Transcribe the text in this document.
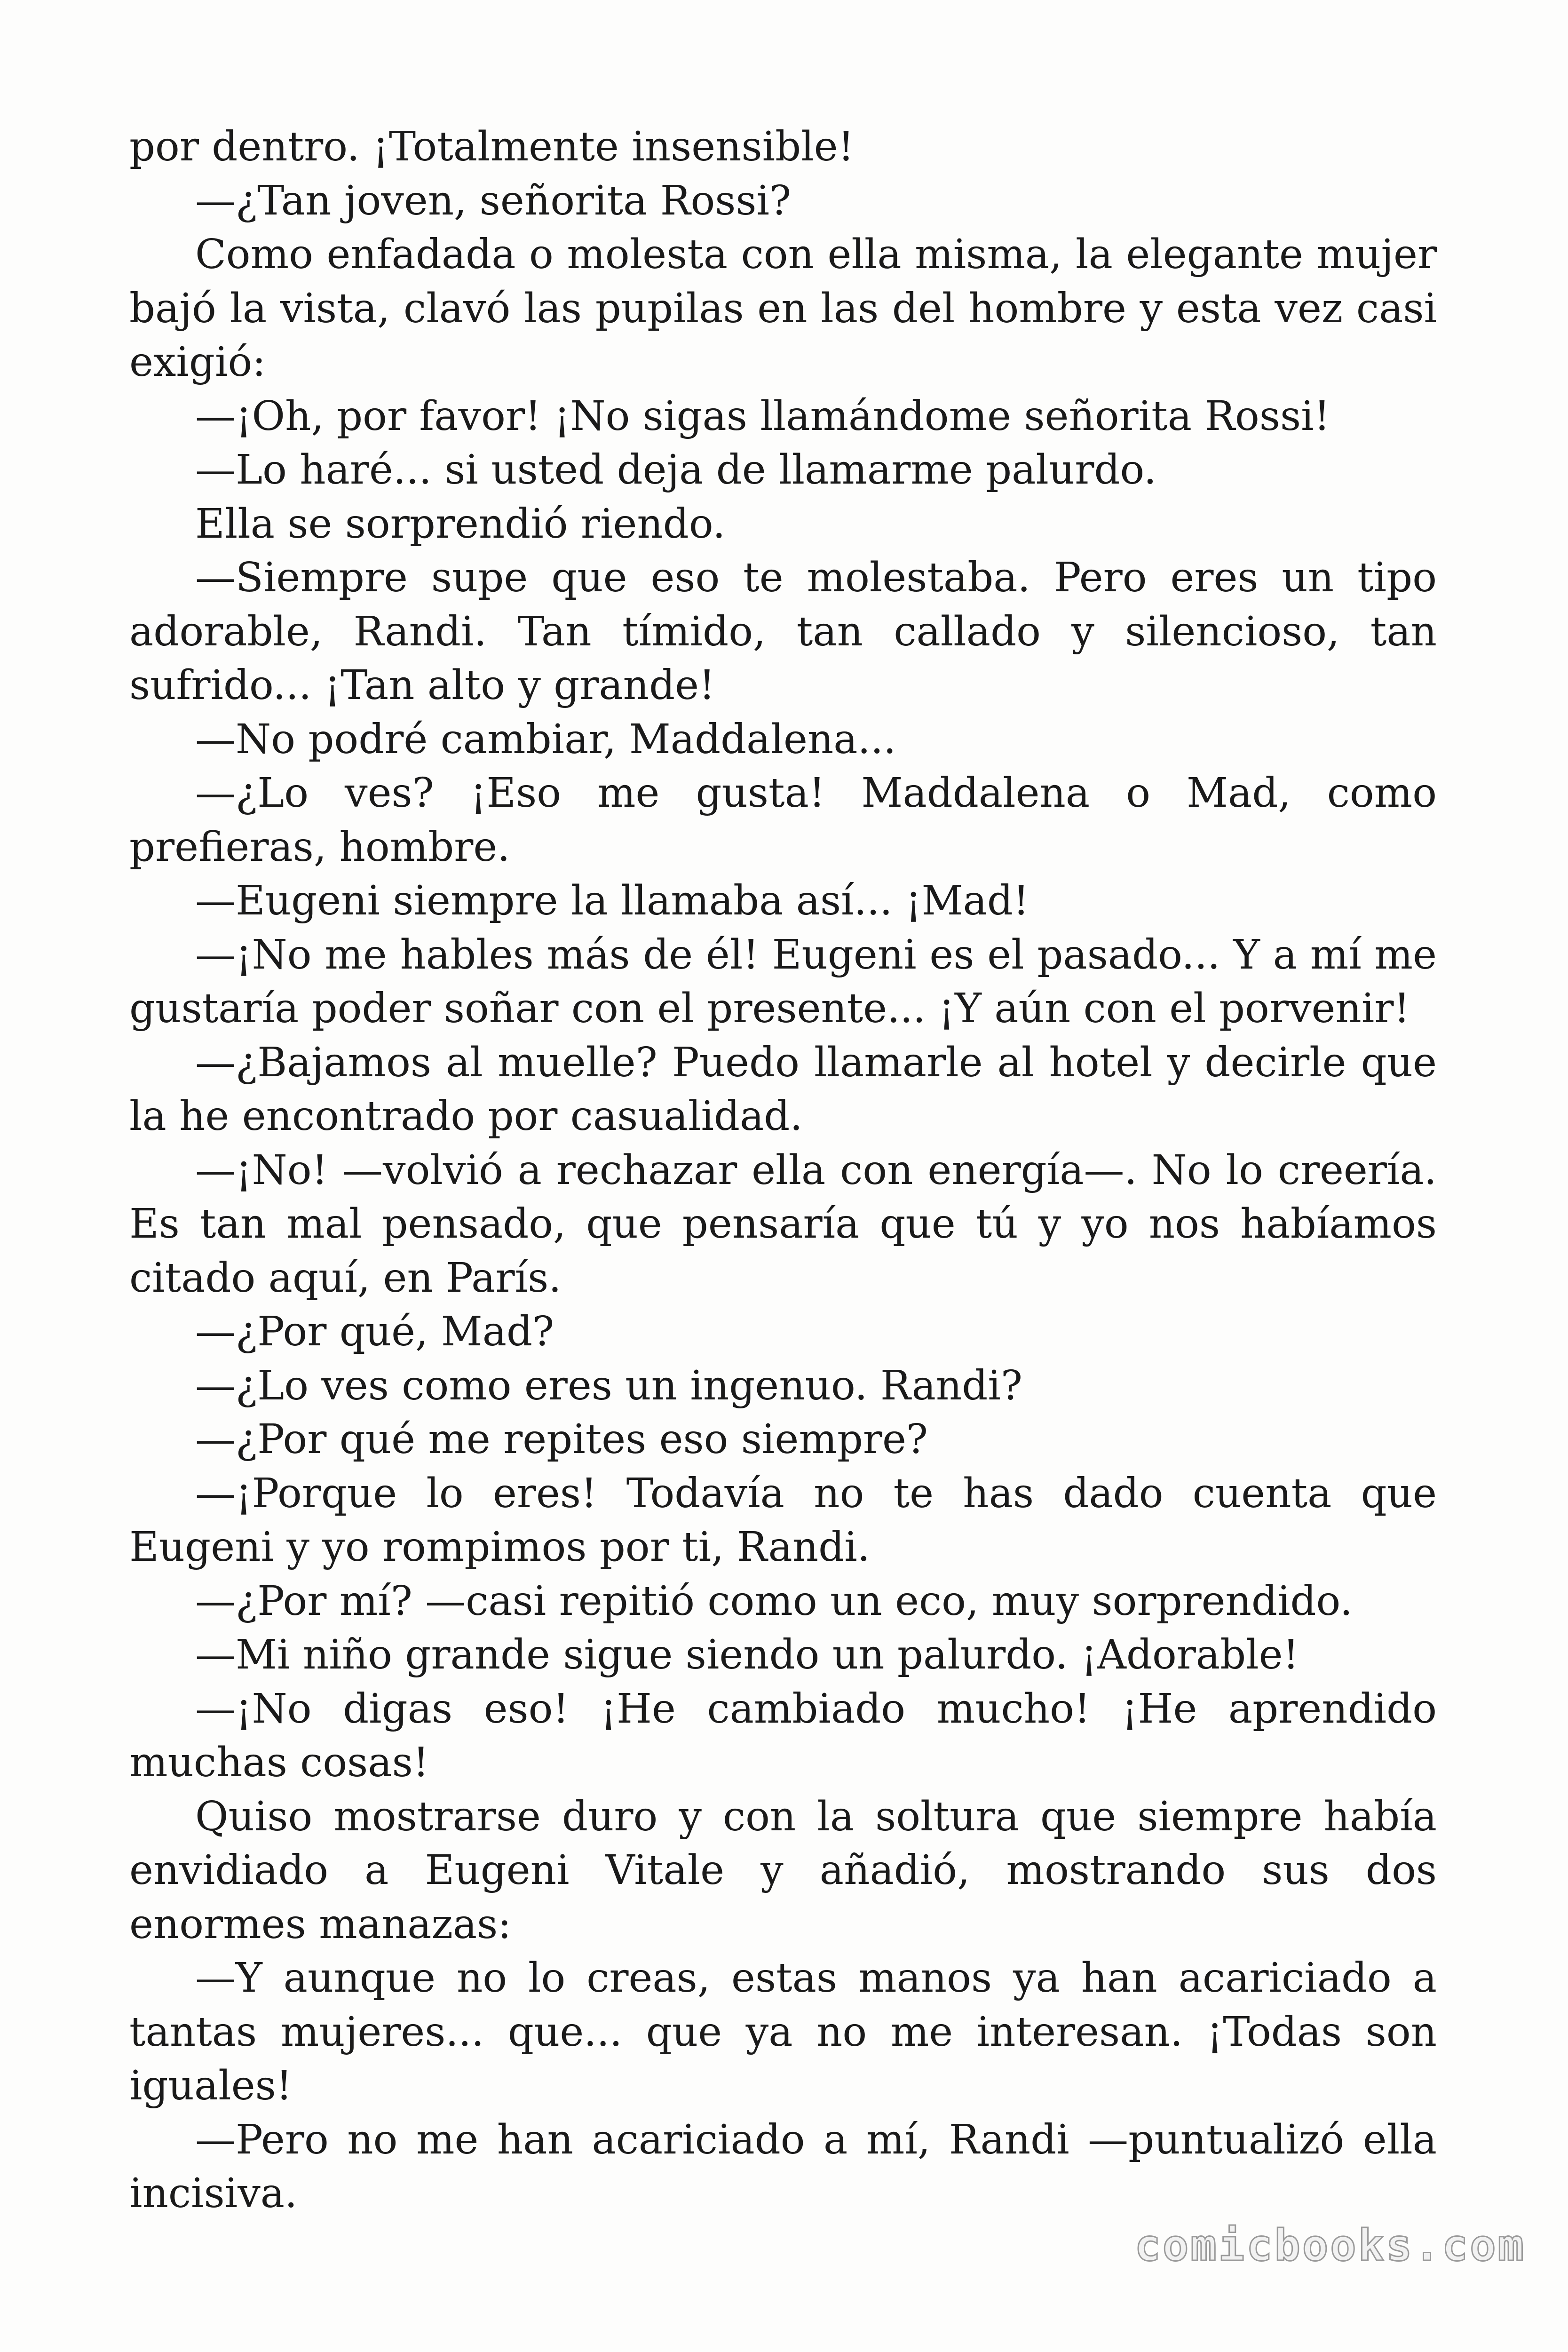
por dentro. ¡Totalmente insensible!

—¿Tan joven, señorita Rossi?

Como enfadada o molesta con ella misma, la elegante mujer bajó la vista, clavó las pupilas en las del hombre y esta vez casi exigió:

—¡Oh, por favor! ¡No sigas llamándome señorita Rossi!

—Lo haré... si usted deja de llamarme palurdo.

Ella se sorprendió riendo.

—Siempre supe que eso te molestaba. Pero eres un tipo adorable, Randi. Tan tímido, tan callado y silencioso, tan sufrido... ¡Tan alto y grande!

—No podré cambiar, Maddalena...

—¿Lo ves? ¡Eso me gusta! Maddalena o Mad, como prefieras, hombre.

—Eugeni siempre la llamaba así... ¡Mad!

—¡No me hables más de él! Eugeni es el pasado... Y a mí me gustaría poder soñar con el presente... ¡Y aún con el porvenir!

—¿Bajamos al muelle? Puedo llamarle al hotel y decirle que la he encontrado por casualidad.

—¡No! —volvió a rechazar ella con energía—. No lo creería. Es tan mal pensado, que pensaría que tú y yo nos habíamos citado aquí, en París.

—¿Por qué, Mad?

—¿Lo ves como eres un ingenuo. Randi?

—¿Por qué me repites eso siempre?

—¡Porque lo eres! Todavía no te has dado cuenta que Eugeni y yo rompimos por ti, Randi.

—¿Por mí? —casi repitió como un eco, muy sorprendido.

—Mi niño grande sigue siendo un palurdo. ¡Adorable!

—¡No digas eso! ¡He cambiado mucho! ¡He aprendido muchas cosas!

Quiso mostrarse duro y con la soltura que siempre había envidiado a Eugeni Vitale y añadió, mostrando sus dos enormes manazas:

—Y aunque no lo creas, estas manos ya han acariciado a tantas mujeres... que... que ya no me interesan. ¡Todas son iguales!

—Pero no me han acariciado a mí, Randi —puntualizó ella incisiva.

comicbooks.com
